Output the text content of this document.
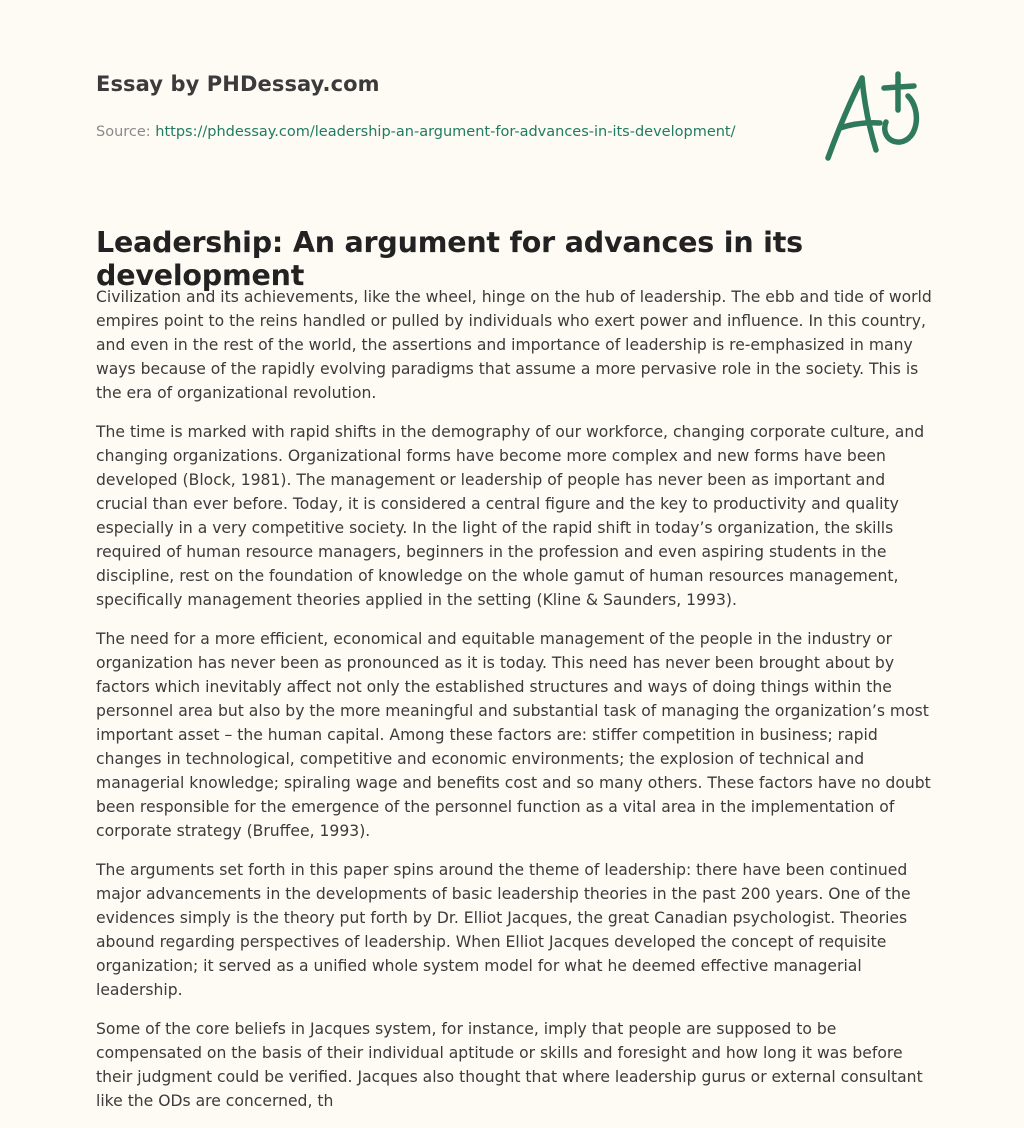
Essay by PHDessay.com
Source: https://phdessay.com/leadership-an-argument-for-advances-in-its-development/
Leadership: An argument for advances in its development

Civilization and its achievements, like the wheel, hinge on the hub of leadership. The ebb and tide of world empires point to the reins handled or pulled by individuals who exert power and influence. In this country, and even in the rest of the world, the assertions and importance of leadership is re-emphasized in many ways because of the rapidly evolving paradigms that assume a more pervasive role in the society. This is the era of organizational revolution.

The time is marked with rapid shifts in the demography of our workforce, changing corporate culture, and changing organizations. Organizational forms have become more complex and new forms have been developed (Block, 1981). The management or leadership of people has never been as important and crucial than ever before. Today, it is considered a central figure and the key to productivity and quality especially in a very competitive society. In the light of the rapid shift in today’s organization, the skills required of human resource managers, beginners in the profession and even aspiring students in the discipline, rest on the foundation of knowledge on the whole gamut of human resources management, specifically management theories applied in the setting (Kline & Saunders, 1993).

The need for a more efficient, economical and equitable management of the people in the industry or organization has never been as pronounced as it is today. This need has never been brought about by factors which inevitably affect not only the established structures and ways of doing things within the personnel area but also by the more meaningful and substantial task of managing the organization’s most important asset – the human capital. Among these factors are: stiffer competition in business; rapid changes in technological, competitive and economic environments; the explosion of technical and managerial knowledge; spiraling wage and benefits cost and so many others. These factors have no doubt been responsible for the emergence of the personnel function as a vital area in the implementation of corporate strategy (Bruffee, 1993).

The arguments set forth in this paper spins around the theme of leadership: there have been continued major advancements in the developments of basic leadership theories in the past 200 years. One of the evidences simply is the theory put forth by Dr. Elliot Jacques, the great Canadian psychologist. Theories abound regarding perspectives of leadership. When Elliot Jacques developed the concept of requisite organization; it served as a unified whole system model for what he deemed effective managerial leadership.

Some of the core beliefs in Jacques system, for instance, imply that people are supposed to be compensated on the basis of their individual aptitude or skills and foresight and how long it was before their judgment could be verified. Jacques also thought that where leadership gurus or external consultant like the ODs are concerned, th
